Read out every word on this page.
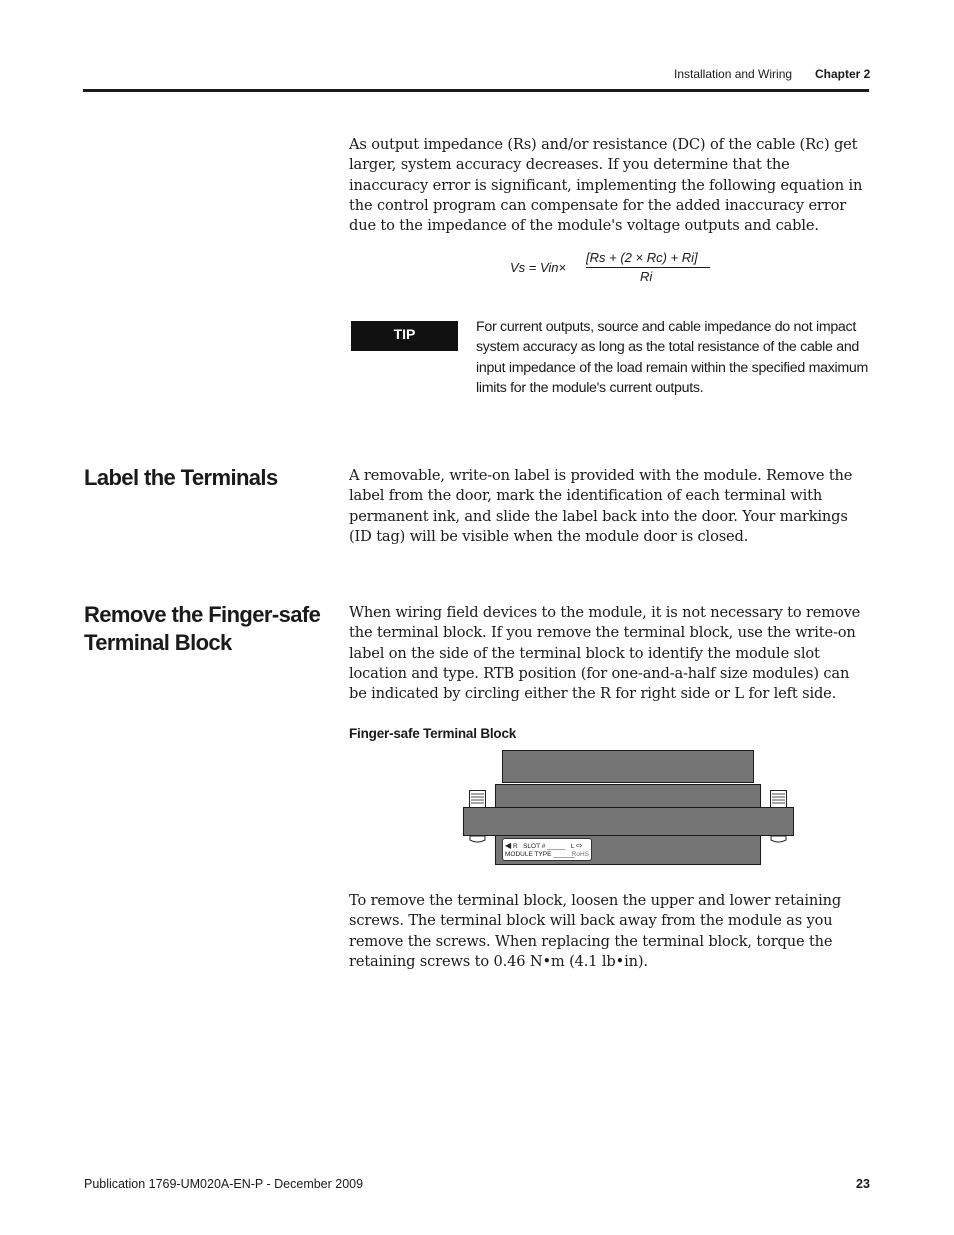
Installation and Wiring Chapter 2
As output impedance (Rs) and/or resistance (DC) of the cable (Rc) get larger, system accuracy decreases. If you determine that the inaccuracy error is significant, implementing the following equation in the control program can compensate for the added inaccuracy error due to the impedance of the module's voltage outputs and cable.
Vs = Vin×
[Rs + (2 × Rc) + Ri]
Ri
TIP	For current outputs, source and cable impedance do not impact system accuracy as long as the total resistance of the cable and input impedance of the load remain within the specified maximum limits for the module's current outputs.
Label the Terminals	A removable, write-on label is provided with the module. Remove the label from the door, mark the identification of each terminal with permanent ink, and slide the label back into the door. Your markings (ID tag) will be visible when the module door is closed.
Remove the Finger-safe
Terminal Block
When wiring field devices to the module, it is not necessary to remove the terminal block. If you remove the terminal block, use the write-on label on the side of the terminal block to identify the module slot location and type. RTB position (for one-and-a-half size modules) can be indicated by circling either the R for right side or L for left side.
Finger-safe Terminal Block
◀ R SLOT # _____ L ⇨
MODULE TYPE ______
RoHS
To remove the terminal block, loosen the upper and lower retaining screws. The terminal block will back away from the module as you remove the screws. When replacing the terminal block, torque the retaining screws to 0.46 N•m (4.1 lb•in).
Publication 1769-UM020A-EN-P - December 2009	23
